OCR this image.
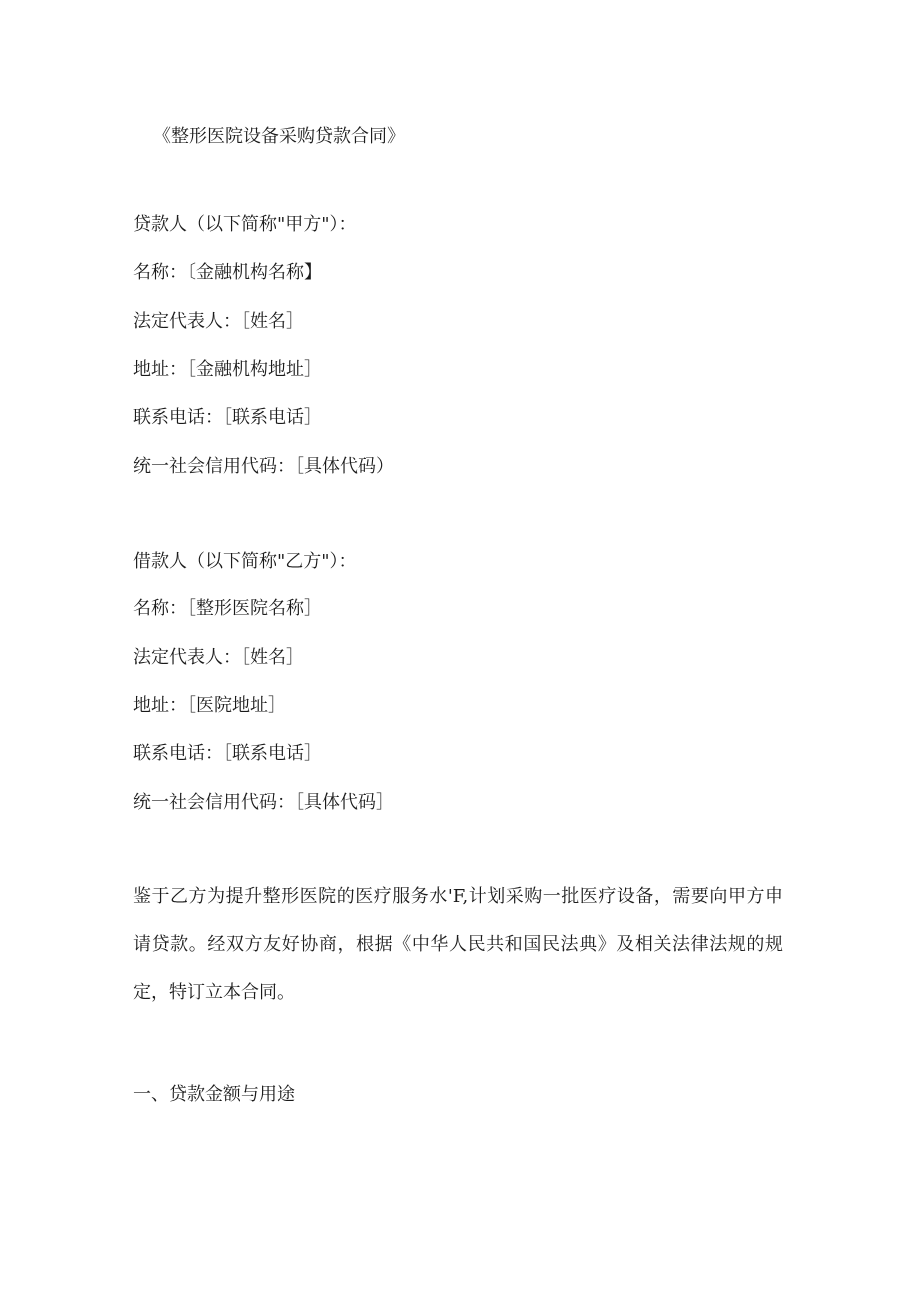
《整形医院设备采购贷款合同》
贷款人（以下简称"甲方"）：
名称：〔金融机构名称】
法定代表人：［姓名］
地址：［金融机构地址］
联系电话：［联系电话］
统一社会信用代码：［具体代码）
借款人（以下简称"乙方"）：
名称：［整形医院名称］
法定代表人：［姓名］
地址：［医院地址］
联系电话：［联系电话］
统一社会信用代码：［具体代码］
鉴于乙方为提升整形医院的医疗服务水'F,计划采购一批医疗设备，需要向甲方申请贷款。经双方友好协商，根据《中华人民共和国民法典》及相关法律法规的规定，特订立本合同。
一、贷款金额与用途
